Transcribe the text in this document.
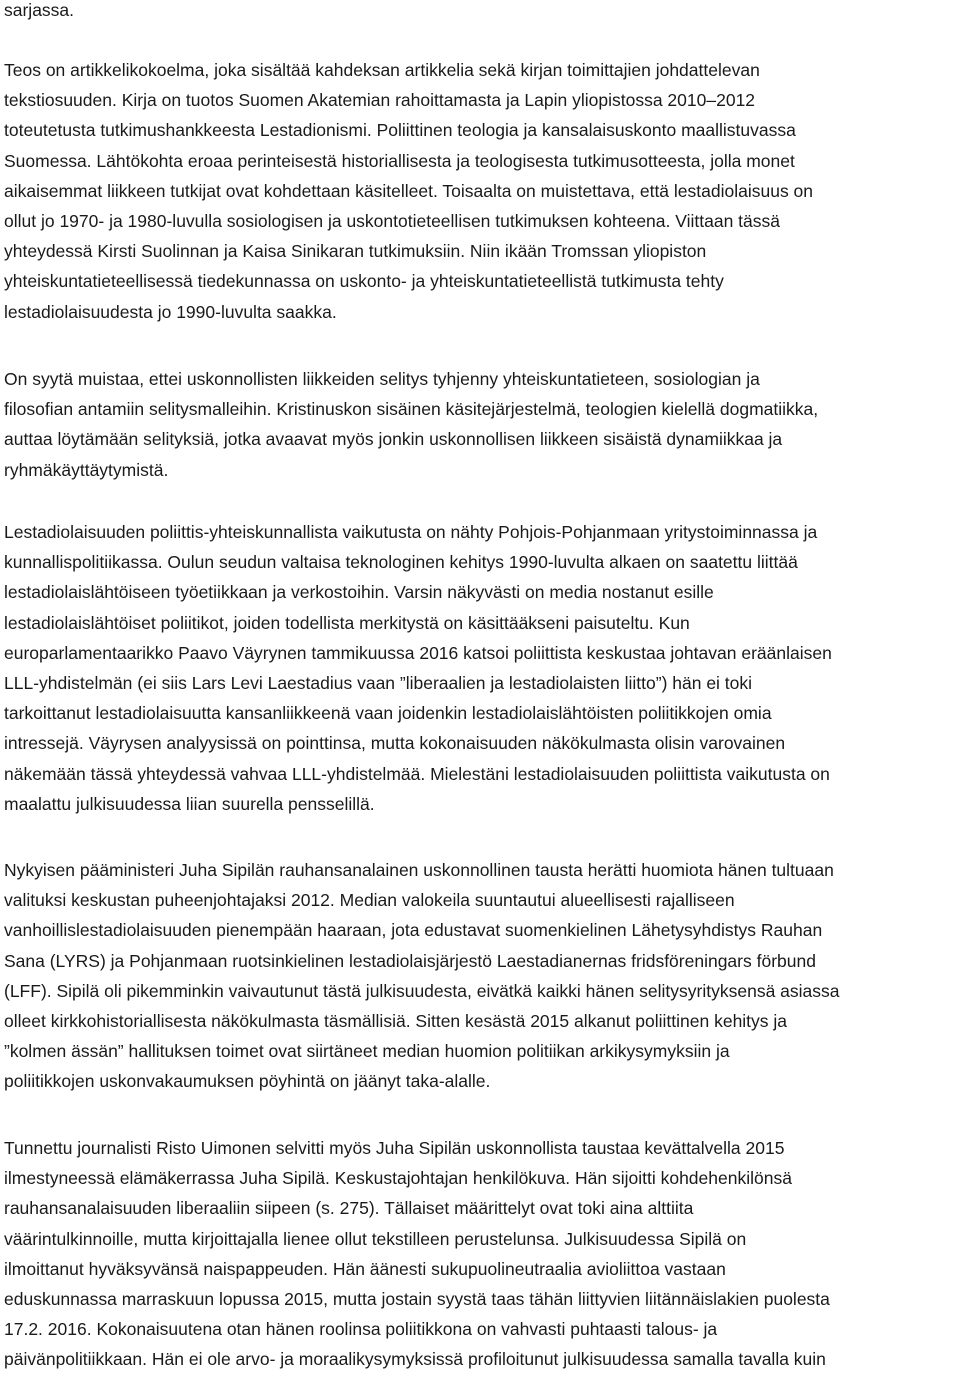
sarjassa.

Teos on artikkelikokoelma, joka sisältää kahdeksan artikkelia sekä kirjan toimittajien johdattelevan
tekstiosuuden. Kirja on tuotos Suomen Akatemian rahoittamasta ja Lapin yliopistossa 2010–2012
toteutetusta tutkimushankkeesta Lestadionismi. Poliittinen teologia ja kansalaisuskonto maallistuvassa
Suomessa. Lähtökohta eroaa perinteisestä historiallisesta ja teologisesta tutkimusotteesta, jolla monet
aikaisemmat liikkeen tutkijat ovat kohdettaan käsitelleet. Toisaalta on muistettava, että lestadiolaisuus on
ollut jo 1970- ja 1980-luvulla sosiologisen ja uskontotieteellisen tutkimuksen kohteena. Viittaan tässä
yhteydessä Kirsti Suolinnan ja Kaisa Sinikaran tutkimuksiin. Niin ikään Tromssan yliopiston
yhteiskuntatieteellisessä tiedekunnassa on uskonto- ja yhteiskuntatieteellistä tutkimusta tehty
lestadiolaisuudesta jo 1990-luvulta saakka.

On syytä muistaa, ettei uskonnollisten liikkeiden selitys tyhjenny yhteiskuntatieteen, sosiologian ja
filosofian antamiin selitysmalleihin. Kristinuskon sisäinen käsitejärjestelmä, teologien kielellä dogmatiikka,
auttaa löytämään selityksiä, jotka avaavat myös jonkin uskonnollisen liikkeen sisäistä dynamiikkaa ja
ryhmäkäyttäytymistä.

Lestadiolaisuuden poliittis-yhteiskunnallista vaikutusta on nähty Pohjois-Pohjanmaan yritystoiminnassa ja
kunnallispolitiikassa. Oulun seudun valtaisa teknologinen kehitys 1990-luvulta alkaen on saatettu liittää
lestadiolaislähtöiseen työetiikkaan ja verkostoihin. Varsin näkyvästi on media nostanut esille
lestadiolaislähtöiset poliitikot, joiden todellista merkitystä on käsittääkseni paisuteltu. Kun
europarlamentaarikko Paavo Väyrynen tammikuussa 2016 katsoi poliittista keskustaa johtavan eräänlaisen
LLL-yhdistelmän (ei siis Lars Levi Laestadius vaan ”liberaalien ja lestadiolaisten liitto”) hän ei toki
tarkoittanut lestadiolaisuutta kansanliikkeenä vaan joidenkin lestadiolaislähtöisten poliitikkojen omia
intressejä. Väyrysen analyysissä on pointtinsa, mutta kokonaisuuden näkökulmasta olisin varovainen
näkemään tässä yhteydessä vahvaa LLL-yhdistelmää. Mielestäni lestadiolaisuuden poliittista vaikutusta on
maalattu julkisuudessa liian suurella pensselillä.

Nykyisen pääministeri Juha Sipilän rauhansanalainen uskonnollinen tausta herätti huomiota hänen tultuaan
valituksi keskustan puheenjohtajaksi 2012. Median valokeila suuntautui alueellisesti rajalliseen
vanhoillislestadiolaisuuden pienempään haaraan, jota edustavat suomenkielinen Lähetysyhdistys Rauhan
Sana (LYRS) ja Pohjanmaan ruotsinkielinen lestadiolaisjärjestö Laestadianernas fridsföreningars förbund
(LFF). Sipilä oli pikemminkin vaivautunut tästä julkisuudesta, eivätkä kaikki hänen selitysyrityksensä asiassa
olleet kirkkohistoriallisesta näkökulmasta täsmällisiä. Sitten kesästä 2015 alkanut poliittinen kehitys ja
”kolmen ässän” hallituksen toimet ovat siirtäneet median huomion politiikan arkikysymyksiin ja
poliitikkojen uskonvakaumuksen pöyhintä on jäänyt taka-alalle.

Tunnettu journalisti Risto Uimonen selvitti myös Juha Sipilän uskonnollista taustaa kevättalvella 2015
ilmestyneessä elämäkerrassa Juha Sipilä. Keskustajohtajan henkilökuva. Hän sijoitti kohdehenkilönsä
rauhansanalaisuuden liberaaliin siipeen (s. 275). Tällaiset määrittelyt ovat toki aina alttiita
väärintulkinnoille, mutta kirjoittajalla lienee ollut tekstilleen perustelunsa. Julkisuudessa Sipilä on
ilmoittanut hyväksyvänsä naispappeuden. Hän äänesti sukupuolineutraalia avioliittoa vastaan
eduskunnassa marraskuun lopussa 2015, mutta jostain syystä taas tähän liittyvien liitännäislakien puolesta
17.2. 2016. Kokonaisuutena otan hänen roolinsa poliitikkona on vahvasti puhtaasti talous- ja
päivänpolitiikkaan. Hän ei ole arvo- ja moraalikysymyksissä profiloitunut julkisuudessa samalla tavalla kuin
